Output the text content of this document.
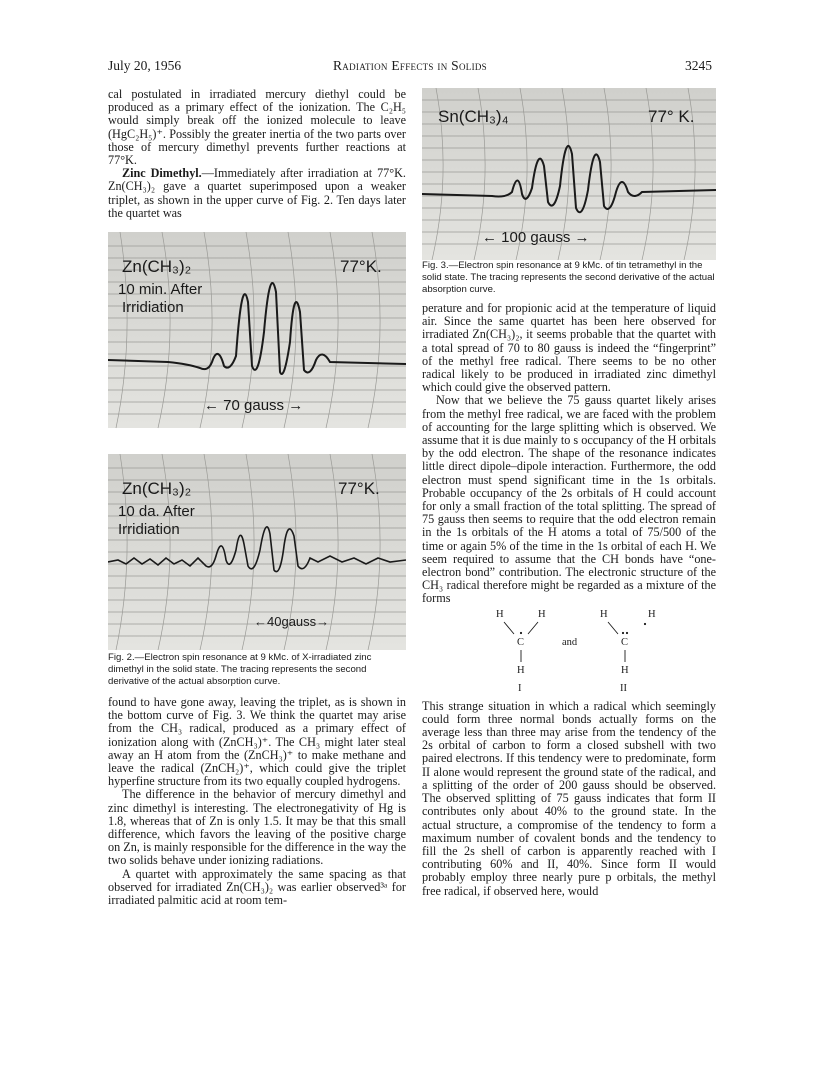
July 20, 1956	Radiation Effects in Solids	3245

cal postulated in irradiated mercury diethyl could be produced as a primary effect of the ionization. The C₂H₅ would simply break off the ionized molecule to leave (HgC₂H₅)⁺. Possibly the greater inertia of the two parts over those of mercury dimethyl prevents further reactions at 77°K.

Zinc Dimethyl.—Immediately after irradiation at 77°K. Zn(CH₃)₂ gave a quartet superimposed upon a weaker triplet, as shown in the upper curve of Fig. 2. Ten days later the quartet was

Zn(CH₃)₂	77°K.
10 min. After
Irridiation
← 70 gauss →
Zn(CH₃)₂	77°K.
10 da. After
Irridiation
←40gauss→

Fig. 2.—Electron spin resonance at 9 kMc. of X-irradiated zinc dimethyl in the solid state. The tracing represents the second derivative of the actual absorption curve.

found to have gone away, leaving the triplet, as is shown in the bottom curve of Fig. 3. We think the quartet may arise from the CH₃ radical, produced as a primary effect of ionization along with (ZnCH₃)⁺. The CH₃ might later steal away an H atom from the (ZnCH₃)⁺ to make methane and leave the radical (ZnCH₂)⁺, which could give the triplet hyperfine structure from its two equally coupled hydrogens.

The difference in the behavior of mercury dimethyl and zinc dimethyl is interesting. The electronegativity of Hg is 1.8, whereas that of Zn is only 1.5. It may be that this small difference, which favors the leaving of the positive charge on Zn, is mainly responsible for the difference in the way the two solids behave under ionizing radiations.

A quartet with approximately the same spacing as that observed for irradiated Zn(CH₃)₂ was earlier observed³ᵃ for irradiated palmitic acid at room tem-

Sn(CH₃)₄	77° K.
← 100 gauss →

Fig. 3.—Electron spin resonance at 9 kMc. of tin tetramethyl in the solid state. The tracing represents the second derivative of the actual absorption curve.

perature and for propionic acid at the temperature of liquid air. Since the same quartet has been here observed for irradiated Zn(CH₃)₂, it seems probable that the quartet with a total spread of 70 to 80 gauss is indeed the “fingerprint” of the methyl free radical. There seems to be no other radical likely to be produced in irradiated zinc dimethyl which could give the observed pattern.

Now that we believe the 75 gauss quartet likely arises from the methyl free radical, we are faced with the problem of accounting for the large splitting which is observed. We assume that it is due mainly to s occupancy of the H orbitals by the odd electron. The shape of the resonance indicates little direct dipole–dipole interaction. Furthermore, the odd electron must spend significant time in the 1s orbitals. Probable occupancy of the 2s orbitals of H could account for only a small fraction of the total splitting. The spread of 75 gauss then seems to require that the odd electron remain in the 1s orbitals of the H atoms a total of 75/500 of the time or again 5% of the time in the 1s orbital of each H. We seem required to assume that the CH bonds have “one-electron bond” contribution. The electronic structure of the CH₃ radical therefore might be regarded as a mixture of the forms

H	H
C
H
I
and
H	H
C
H
II

This strange situation in which a radical which seemingly could form three normal bonds actually forms on the average less than three may arise from the tendency of the 2s orbital of carbon to form a closed subshell with two paired electrons. If this tendency were to predominate, form II alone would represent the ground state of the radical, and a splitting of the order of 200 gauss should be observed. The observed splitting of 75 gauss indicates that form II contributes only about 40% to the ground state. In the actual structure, a compromise of the tendency to form a maximum number of covalent bonds and the tendency to fill the 2s shell of carbon is apparently reached with I contributing 60% and II, 40%. Since form II would probably employ three nearly pure p orbitals, the methyl free radical, if observed here, would
